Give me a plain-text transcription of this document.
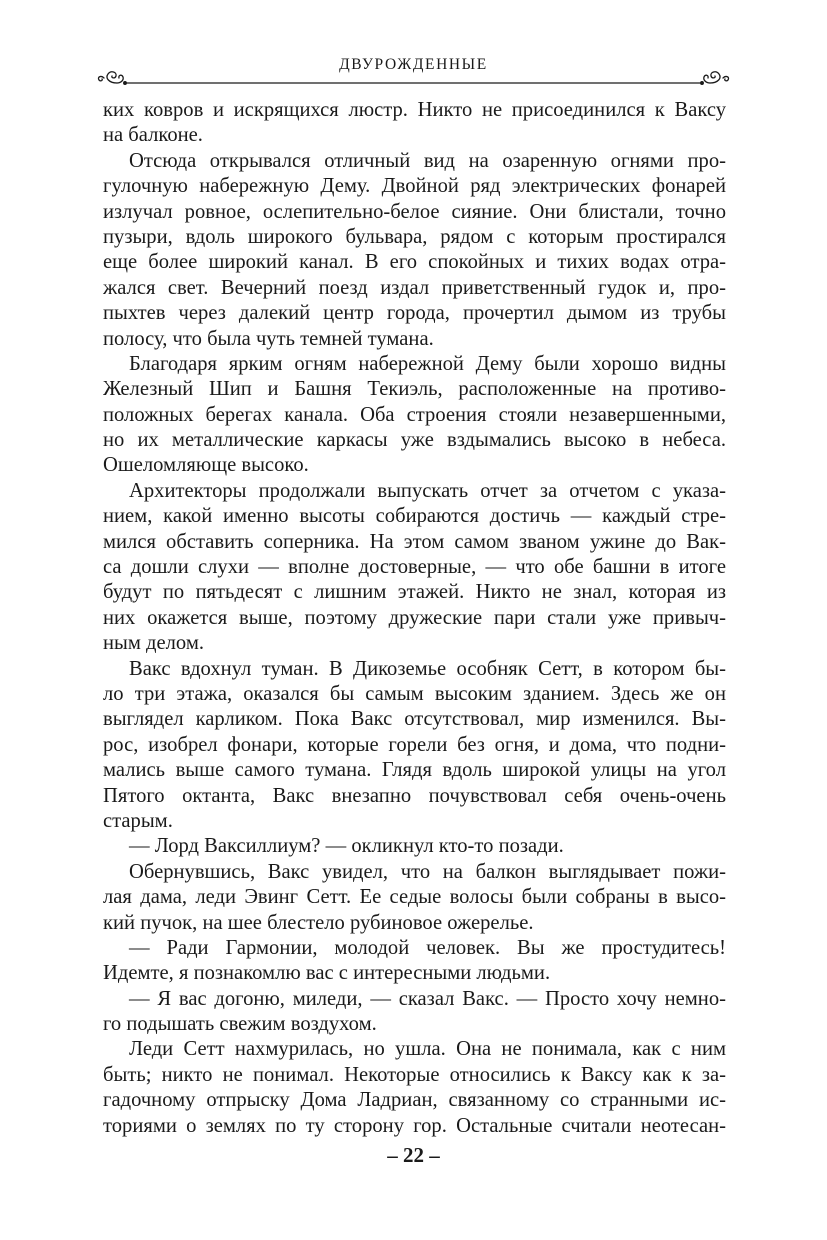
ДВУРОЖДЕННЫЕ
ких ковров и искрящихся люстр. Никто не присоединился к Ваксу
на балконе.
Отсюда открывался отличный вид на озаренную огнями про-
гулочную набережную Дему. Двойной ряд электрических фонарей
излучал ровное, ослепительно-белое сияние. Они блистали, точно
пузыри, вдоль широкого бульвара, рядом с которым простирался
еще более широкий канал. В его спокойных и тихих водах отра-
жался свет. Вечерний поезд издал приветственный гудок и, про-
пыхтев через далекий центр города, прочертил дымом из трубы
полосу, что была чуть темней тумана.
Благодаря ярким огням набережной Дему были хорошо видны
Железный Шип и Башня Текиэль, расположенные на противо-
положных берегах канала. Оба строения стояли незавершенными,
но их металлические каркасы уже вздымались высоко в небеса.
Ошеломляюще высоко.
Архитекторы продолжали выпускать отчет за отчетом с указа-
нием, какой именно высоты собираются достичь — каждый стре-
мился обставить соперника. На этом самом званом ужине до Вак-
са дошли слухи — вполне достоверные, — что обе башни в итоге
будут по пятьдесят с лишним этажей. Никто не знал, которая из
них окажется выше, поэтому дружеские пари стали уже привыч-
ным делом.
Вакс вдохнул туман. В Дикоземье особняк Сетт, в котором бы-
ло три этажа, оказался бы самым высоким зданием. Здесь же он
выглядел карликом. Пока Вакс отсутствовал, мир изменился. Вы-
рос, изобрел фонари, которые горели без огня, и дома, что подни-
мались выше самого тумана. Глядя вдоль широкой улицы на угол
Пятого октанта, Вакс внезапно почувствовал себя очень-очень
старым.
— Лорд Ваксиллиум? — окликнул кто-то позади.
Обернувшись, Вакс увидел, что на балкон выглядывает пожи-
лая дама, леди Эвинг Сетт. Ее седые волосы были собраны в высо-
кий пучок, на шее блестело рубиновое ожерелье.
— Ради Гармонии, молодой человек. Вы же простудитесь!
Идемте, я познакомлю вас с интересными людьми.
— Я вас догоню, миледи, — сказал Вакс. — Просто хочу немно-
го подышать свежим воздухом.
Леди Сетт нахмурилась, но ушла. Она не понимала, как с ним
быть; никто не понимал. Некоторые относились к Ваксу как к за-
гадочному отпрыску Дома Ладриан, связанному со странными ис-
ториями о землях по ту сторону гор. Остальные считали неотесан-
– 22 –
